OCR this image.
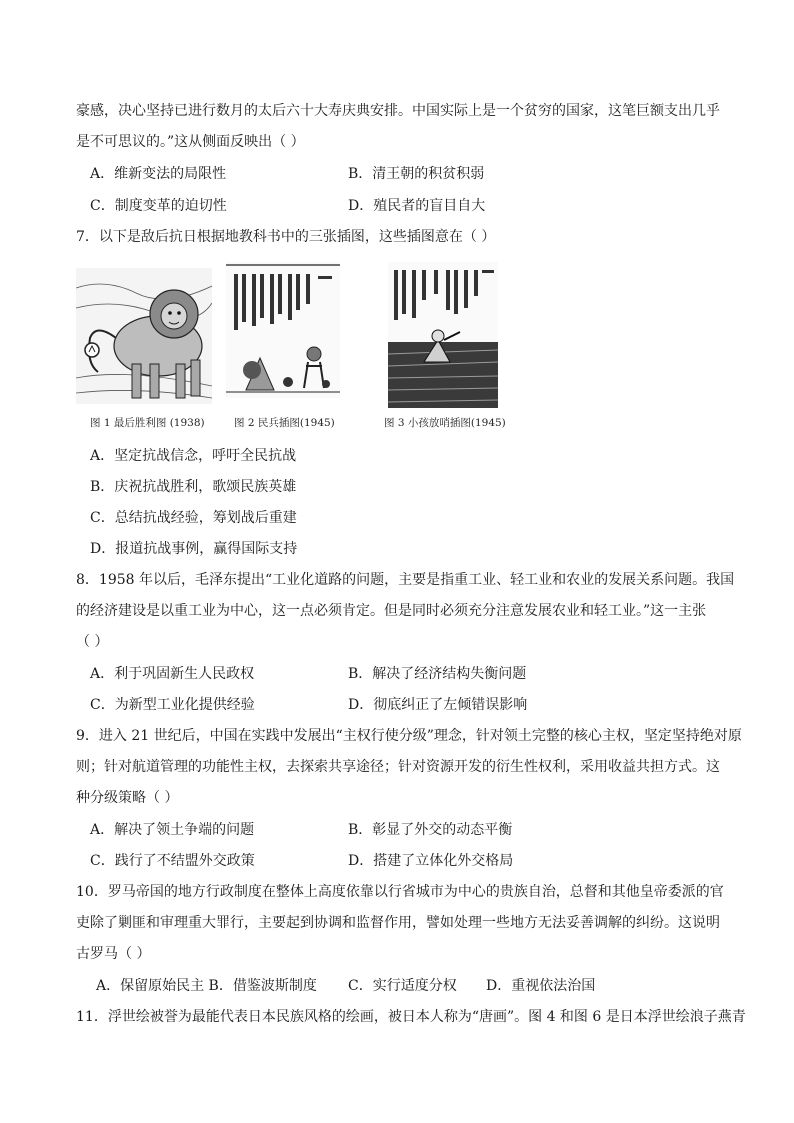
豪感，决心坚持已进行数月的太后六十大寿庆典安排。中国实际上是一个贫穷的国家，这笔巨额支出几乎
是不可思议的。”这从侧面反映出（ ）
A．维新变法的局限性	B．清王朝的积贫积弱
C．制度变革的迫切性	D．殖民者的盲目自大
7．以下是敌后抗日根据地教科书中的三张插图，这些插图意在（ ）
图 1 最后胜利图 (1938)	图 2 民兵插图(1945)	图 3 小孩放哨插图(1945)
A．坚定抗战信念，呼吁全民抗战
B．庆祝抗战胜利，歌颂民族英雄
C．总结抗战经验，筹划战后重建
D．报道抗战事例，赢得国际支持
8．1958 年以后，毛泽东提出“工业化道路的问题，主要是指重工业、轻工业和农业的发展关系问题。我国
的经济建设是以重工业为中心，这一点必须肯定。但是同时必须充分注意发展农业和轻工业。”这一主张
（ ）
A．利于巩固新生人民政权	B．解决了经济结构失衡问题
C．为新型工业化提供经验	D．彻底纠正了左倾错误影响
9．进入 21 世纪后，中国在实践中发展出“主权行使分级”理念，针对领土完整的核心主权，坚定坚持绝对原
则；针对航道管理的功能性主权，去探索共享途径；针对资源开发的衍生性权利，采用收益共担方式。这
种分级策略（ ）
A．解决了领土争端的问题	B．彰显了外交的动态平衡
C．践行了不结盟外交政策	D．搭建了立体化外交格局
10．罗马帝国的地方行政制度在整体上高度依靠以行省城市为中心的贵族自治，总督和其他皇帝委派的官
吏除了剿匪和审理重大罪行，主要起到协调和监督作用，譬如处理一些地方无法妥善调解的纠纷。这说明
古罗马（ ）
A．保留原始民主 B．借鉴波斯制度 C．实行适度分权 D．重视依法治国
11．浮世绘被誉为最能代表日本民族风格的绘画，被日本人称为“唐画”。图 4 和图 6 是日本浮世绘浪子燕青
